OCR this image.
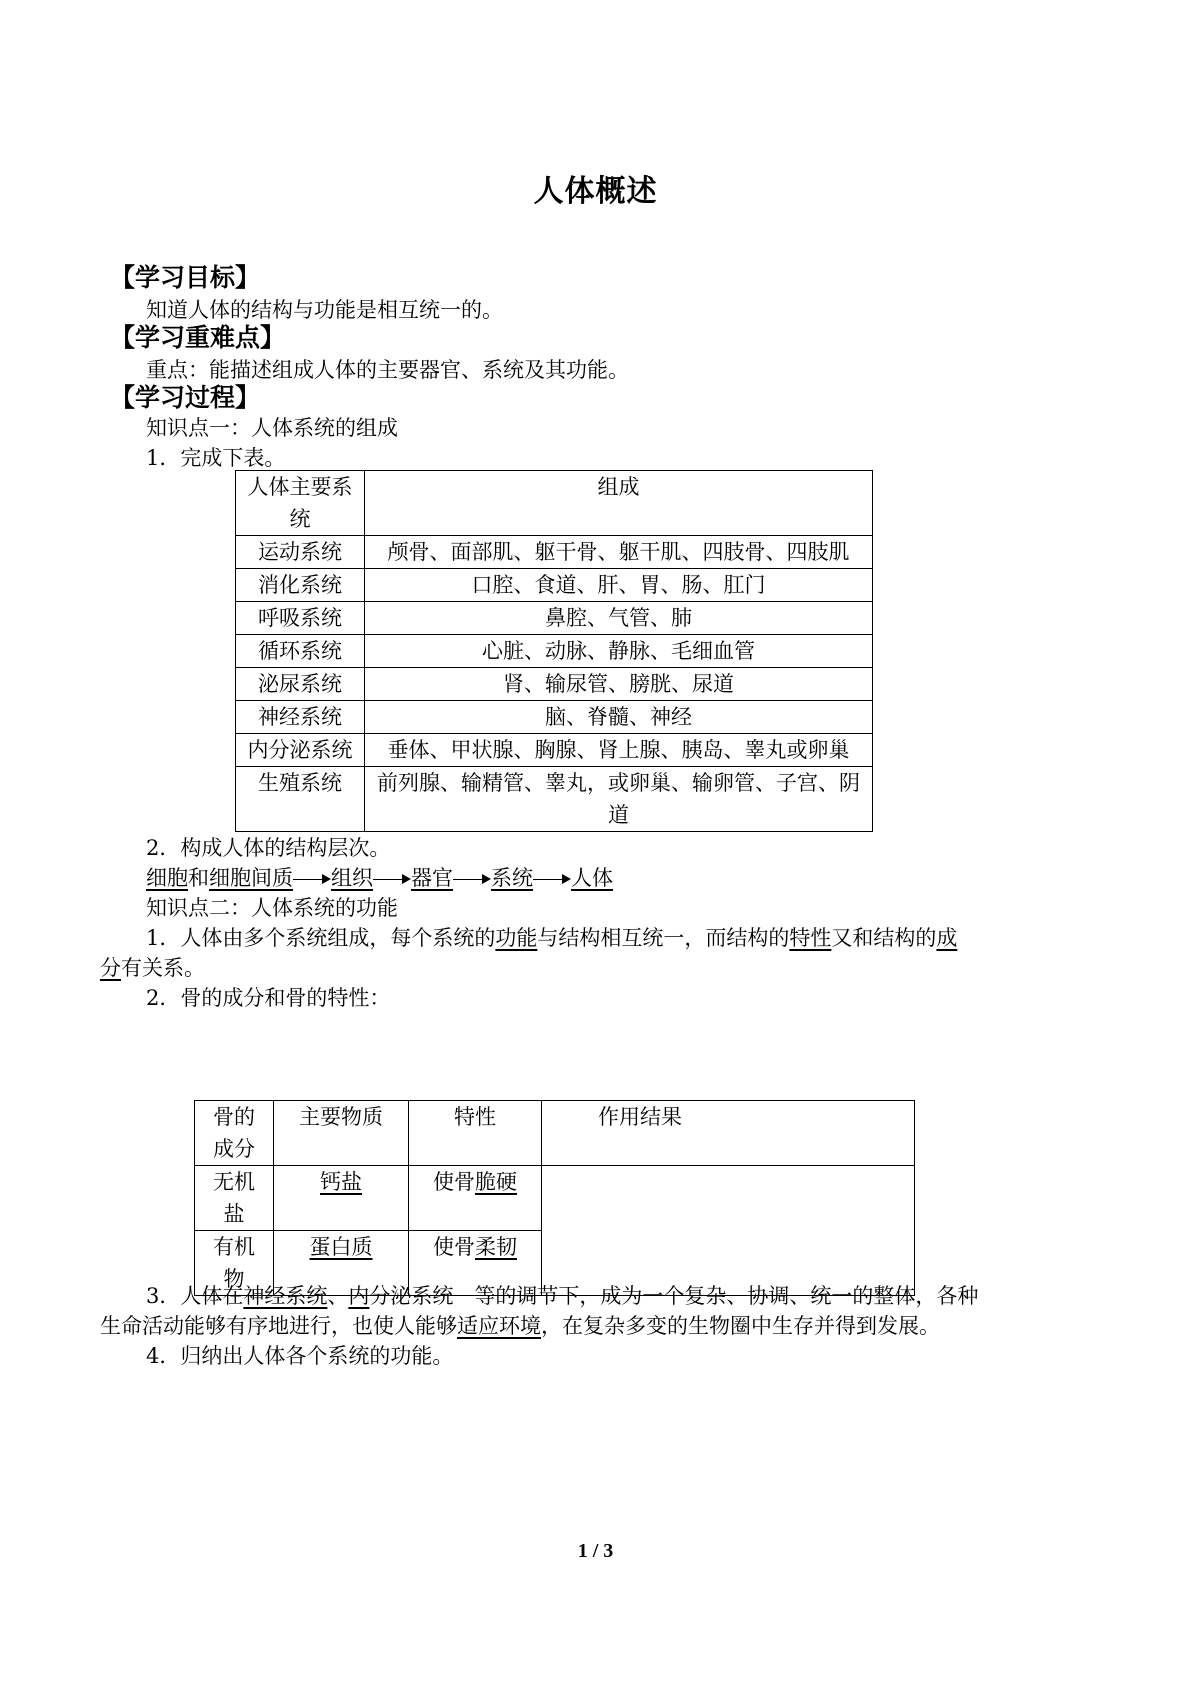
人体概述
【学习目标】
知道人体的结构与功能是相互统一的。
【学习重难点】
重点：能描述组成人体的主要器官、系统及其功能。
【学习过程】
知识点一：人体系统的组成
1．完成下表。
人体主要系统	组成
运动系统	颅骨、面部肌、躯干骨、躯干肌、四肢骨、四肢肌
消化系统	口腔、食道、肝、胃、肠、肛门
呼吸系统	鼻腔、气管、肺
循环系统	心脏、动脉、静脉、毛细血管
泌尿系统	肾、输尿管、膀胱、尿道
神经系统	脑、脊髓、神经
内分泌系统	垂体、甲状腺、胸腺、肾上腺、胰岛、睾丸或卵巢
生殖系统	前列腺、输精管、睾丸，或卵巢、输卵管、子宫、阴道
2．构成人体的结构层次。
细胞和细胞间质 组织 器官 系统 人体
知识点二：人体系统的功能
1．人体由多个系统组成，每个系统的功能与结构相互统一，而结构的特性又和结构的成
分有关系。
2．骨的成分和骨的特性：
骨的成分	主要物质	特性	作用结果

无机盐	钙盐	使骨脆硬	

有机物	蛋白质	使骨柔韧	
3．人体在神经系统、内分泌系统　等的调节下，成为一个复杂、协调、统一的整体，各种
生命活动能够有序地进行，也使人能够适应环境，在复杂多变的生物圈中生存并得到发展。
4．归纳出人体各个系统的功能。
1 / 3
